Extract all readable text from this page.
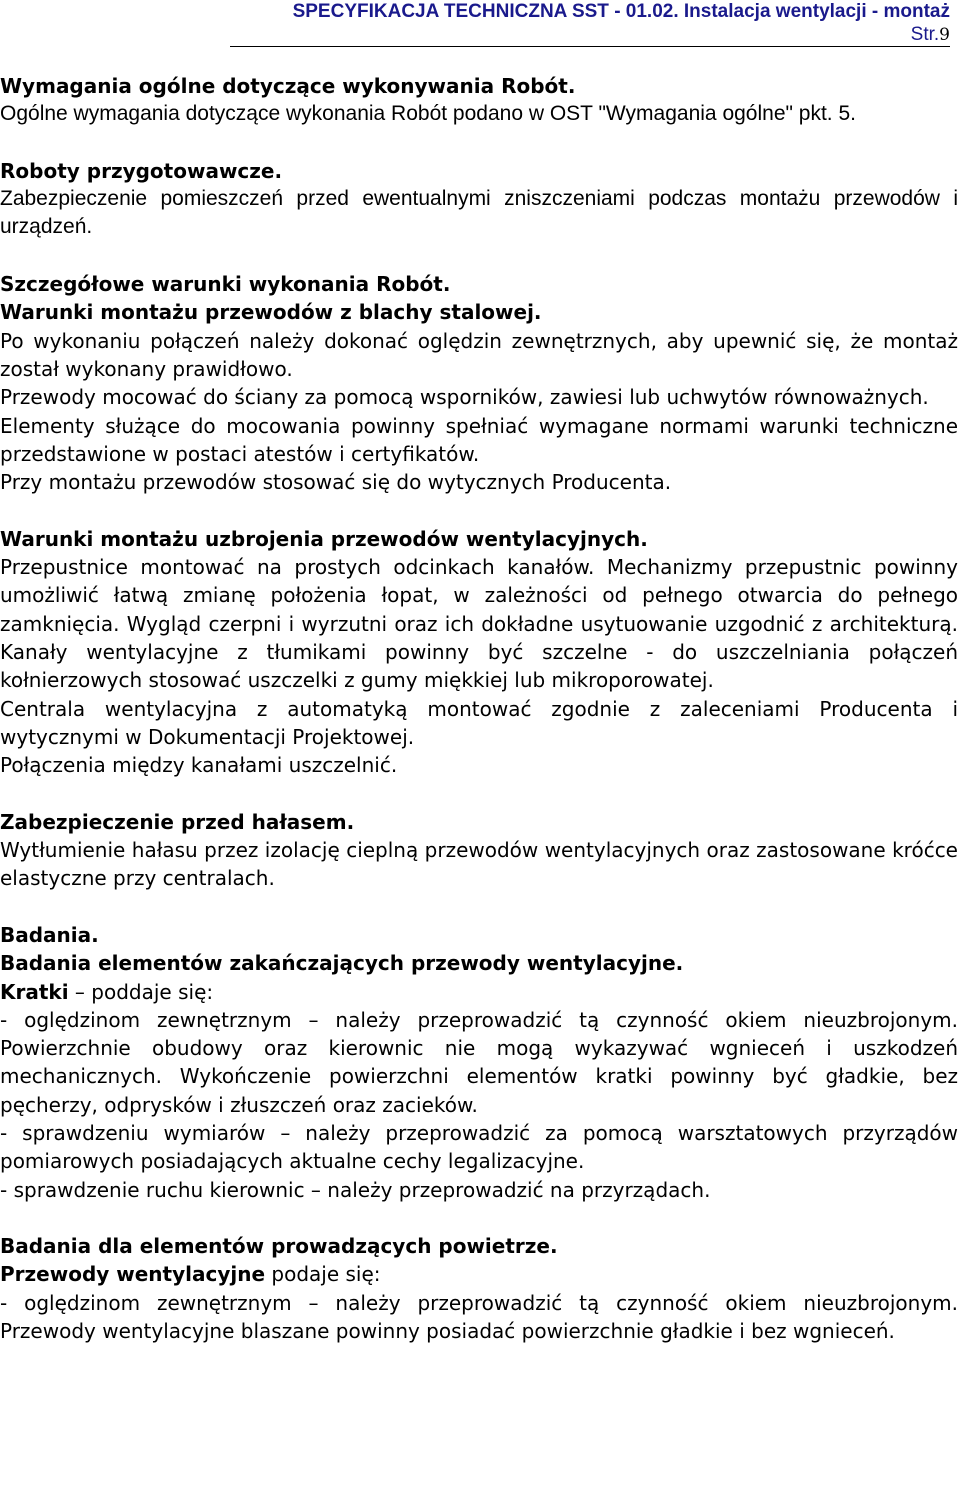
SPECYFIKACJA TECHNICZNA SST - 01.02. Instalacja wentylacji - montaż
Str.9

Wymagania ogólne dotyczące wykonywania Robót.

Ogólne wymagania dotyczące wykonania Robót podano w OST "Wymagania ogólne" pkt. 5.

Roboty przygotowawcze.

Zabezpieczenie pomieszczeń przed ewentualnymi zniszczeniami podczas montażu przewodów i urządzeń.

Szczegółowe warunki wykonania Robót.

Warunki montażu przewodów z blachy stalowej.

Po wykonaniu połączeń należy dokonać oględzin zewnętrznych, aby upewnić się, że montaż został wykonany prawidłowo.

Przewody mocować do ściany za pomocą wsporników, zawiesi lub uchwytów równoważnych.

Elementy służące do mocowania powinny spełniać wymagane normami warunki techniczne przedstawione w postaci atestów i certyfikatów.

Przy montażu przewodów stosować się do wytycznych Producenta.

Warunki montażu uzbrojenia przewodów wentylacyjnych.

Przepustnice montować na prostych odcinkach kanałów. Mechanizmy przepustnic powinny umożliwić łatwą zmianę położenia łopat, w zależności od pełnego otwarcia do pełnego zamknięcia. Wygląd czerpni i wyrzutni oraz ich dokładne usytuowanie uzgodnić z architekturą. Kanały wentylacyjne z tłumikami powinny być szczelne - do uszczelniania połączeń kołnierzowych stosować uszczelki z gumy miękkiej lub mikroporowatej.

Centrala wentylacyjna z automatyką montować zgodnie z zaleceniami Producenta i wytycznymi w Dokumentacji Projektowej.

Połączenia między kanałami uszczelnić.

Zabezpieczenie przed hałasem.

Wytłumienie hałasu przez izolację cieplną przewodów wentylacyjnych oraz zastosowane króćce elastyczne przy centralach.

Badania.

Badania elementów zakańczających przewody wentylacyjne.

Kratki – poddaje się:

- oględzinom zewnętrznym – należy przeprowadzić tą czynność okiem nieuzbrojonym. Powierzchnie obudowy oraz kierownic nie mogą wykazywać wgnieceń i uszkodzeń mechanicznych. Wykończenie powierzchni elementów kratki powinny być gładkie, bez pęcherzy, odprysków i złuszczeń oraz zacieków.

- sprawdzeniu wymiarów – należy przeprowadzić za pomocą warsztatowych przyrządów pomiarowych posiadających aktualne cechy legalizacyjne.

- sprawdzenie ruchu kierownic – należy przeprowadzić na przyrządach.

Badania dla elementów prowadzących powietrze.

Przewody wentylacyjne podaje się:

- oględzinom zewnętrznym – należy przeprowadzić tą czynność okiem nieuzbrojonym. Przewody wentylacyjne blaszane powinny posiadać powierzchnie gładkie i bez wgnieceń.
